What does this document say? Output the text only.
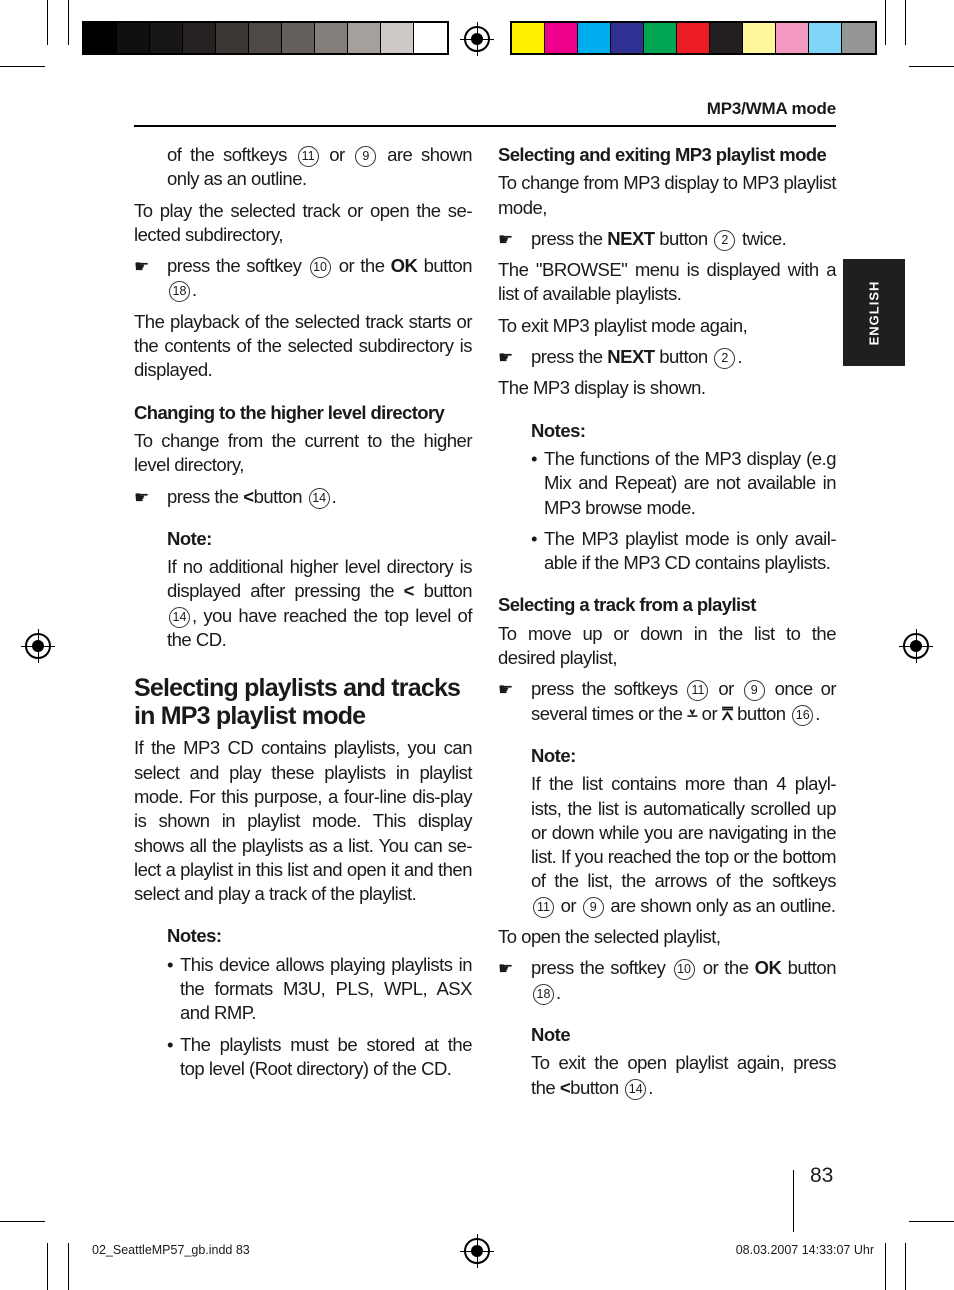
MP3/WMA mode
ENGLISH

of the softkeys 11 or 9 are shown only as an outline.

To play the selected track or open the se-lected subdirectory,

☛ press the softkey 10 or the OK button 18 .

The playback of the selected track starts or the contents of the selected subdirectory is displayed.

Changing to the higher level directory

To change from the current to the higher level directory,

☛ press the <button 14 .
Note:

If no additional higher level directory is displayed after pressing the < button 14 , you have reached the top level of the CD.

Selecting playlists and tracks in MP3 playlist mode

If the MP3 CD contains playlists, you can select and play these playlists in playlist mode. For this purpose, a four-line dis-play is shown in playlist mode. This display shows all the playlists as a list. You can se-lect a playlist in this list and open it and then select and play a track of the playlist.

Notes:
• This device allows playing playlists in the formats M3U, PLS, WPL, ASX and RMP.
• The playlists must be stored at the top level (Root directory) of the CD.
Selecting and exiting MP3 playlist mode

To change from MP3 display to MP3 playlist mode,

☛ press the NEXT button 2 twice.

The "BROWSE" menu is displayed with a list of available playlists.

To exit MP3 playlist mode again,

☛ press the NEXT button 2 .

The MP3 display is shown.

Notes:
• The functions of the MP3 display (e.g Mix and Repeat) are not available in MP3 browse mode.
• The MP3 playlist mode is only avail-able if the MP3 CD contains playlists.
Selecting a track from a playlist

To move up or down in the list to the desired playlist,

☛ press the softkeys 11 or 9 once or several times or the ⩡ or ⩞ button 16 .
Note:

If the list contains more than 4 playl-ists, the list is automatically scrolled up or down while you are navigating in the list. If you reached the top or the bottom of the list, the arrows of the softkeys 11 or 9 are shown only as an outline.

To open the selected playlist,

☛ press the softkey 10 or the OK button 18 .
Note

To exit the open playlist again, press the <button 14 .

83
02_SeattleMP57_gb.indd 83	08.03.2007 14:33:07 Uhr
